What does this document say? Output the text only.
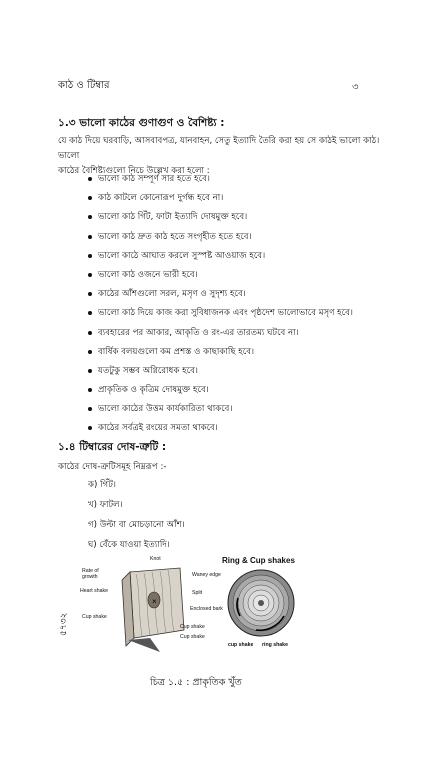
কাঠ ও টিম্বার	৩
১.৩ ভালো কাঠের গুণাগুণ ও বৈশিষ্ট্য :
যে কাঠ দিয়ে ঘরবাড়ি, আসবাবপত্র, যানবাহন, সেতু ইত্যাদি তৈরি করা হয় সে কাঠই ভালো কাঠ। ভালো
কাঠের বৈশিষ্ট্যগুলো নিচে উল্লেখ করা হলো :
ভালো কাঠ সম্পূর্ণ সার হতে হবে।
কাঠ কাটলে কোনোরূপ দুর্গন্ধ হবে না।
ভালো কাঠ গিঁট, ফাটা ইত্যাদি দোষমুক্ত হবে।
ভালো কাঠ দ্রুত কাঠ হতে সংগৃহীত হতে হবে।
ভালো কাঠে আঘাত করলে সুস্পষ্ট আওয়াজ হবে।
ভালো কাঠ ওজনে ভারী হবে।
কাঠের আঁশগুলো সরল, মসৃণ ও সুদৃশ্য হবে।
ভালো কাঠ দিয়ে কাজ করা সুবিধাজনক এবং পৃষ্ঠদেশ ভালোভাবে মসৃণ হবে।
ব্যবহারের পর আকার, আকৃতি ও রং-এর তারতম্য ঘটবে না।
বার্ষিক বলয়গুলো কম প্রশস্ত ও কাছাকাছি হবে।
যতটুকু সম্ভব অগ্নিরোধক হবে।
প্রাকৃতিক ও কৃত্রিম দোষমুক্ত হবে।
ভালো কাঠের উত্তম কার্যকারিতা থাকবে।
কাঠের সর্বত্রই রংয়ের সমতা থাকবে।
১.৪ টিম্বারের দোষ-ত্রুটি :
কাঠের দোষ-ত্রুটিসমূহ নিম্নরূপ :-
ক) গিঁট।
খ) ফাটল।
গ) উল্টা বা মোচড়ানো আঁশ।
ঘ) বেঁকে যাওয়া ইত্যাদি।
×
Knot
Rate of growth
Heart shake
Cup shake
Waney edge
Split
Enclosed bark
Cup shake
Cup shake
Ring & Cup shakes
cup shake ring shake
চিত্র ১.৫ : প্রাকৃতিক খুঁত
৫৭৩২
